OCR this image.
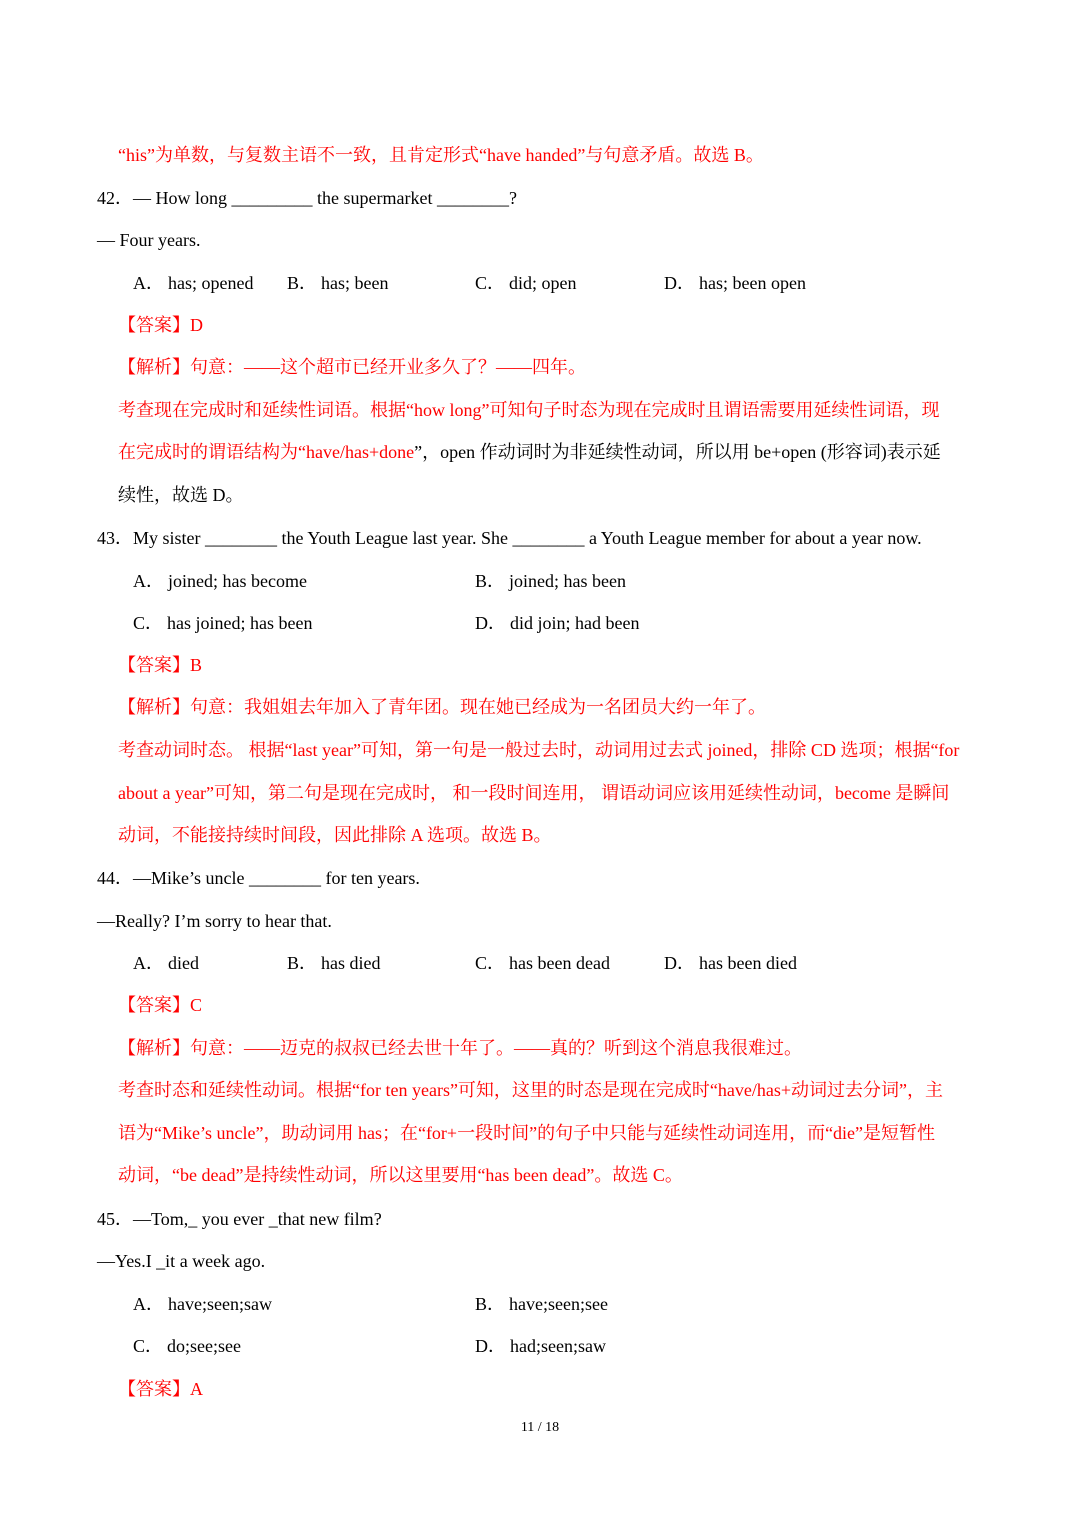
“his”为单数，与复数主语不一致，且肯定形式“have handed”与句意矛盾。故选 B。
42．— How long _________ the supermarket ________?
— Four years.
A． has; opened B． has; been	C． did; open	D． has; been open
【答案】D
【解析】句意：——这个超市已经开业多久了？——四年。
考查现在完成时和延续性词语。根据“how long”可知句子时态为现在完成时且谓语需要用延续性词语，现
在完成时的谓语结构为“have/has+done”，open 作动词时为非延续性动词，所以用 be+open (形容词)表示延
续性，故选 D。
43．My sister ________ the Youth League last year. She ________ a Youth League member for about a year now.
A． joined; has become	B． joined; has been
C． has joined; has been	D． did join; had been
【答案】B
【解析】句意：我姐姐去年加入了青年团。现在她已经成为一名团员大约一年了。
考查动词时态。 根据“last year”可知，第一句是一般过去时，动词用过去式 joined，排除 CD 选项；根据“for
about a year”可知，第二句是现在完成时， 和一段时间连用， 谓语动词应该用延续性动词，become 是瞬间
动词，不能接持续时间段，因此排除 A 选项。故选 B。
44．—Mike’s uncle ________ for ten years.
—Really? I’m sorry to hear that.
A． died	B． has died	C． has been dead	D． has been died
【答案】C
【解析】句意：——迈克的叔叔已经去世十年了。——真的？听到这个消息我很难过。
考查时态和延续性动词。根据“for ten years”可知，这里的时态是现在完成时“have/has+动词过去分词”，主
语为“Mike’s uncle”，助动词用 has；在“for+一段时间”的句子中只能与延续性动词连用，而“die”是短暂性
动词，“be dead”是持续性动词，所以这里要用“has been dead”。故选 C。
45．—Tom,_ you ever _that new film?
—Yes.I _it a week ago.
A． have;seen;saw	B． have;seen;see
C． do;see;see	D． had;seen;saw
【答案】A
11 / 18
